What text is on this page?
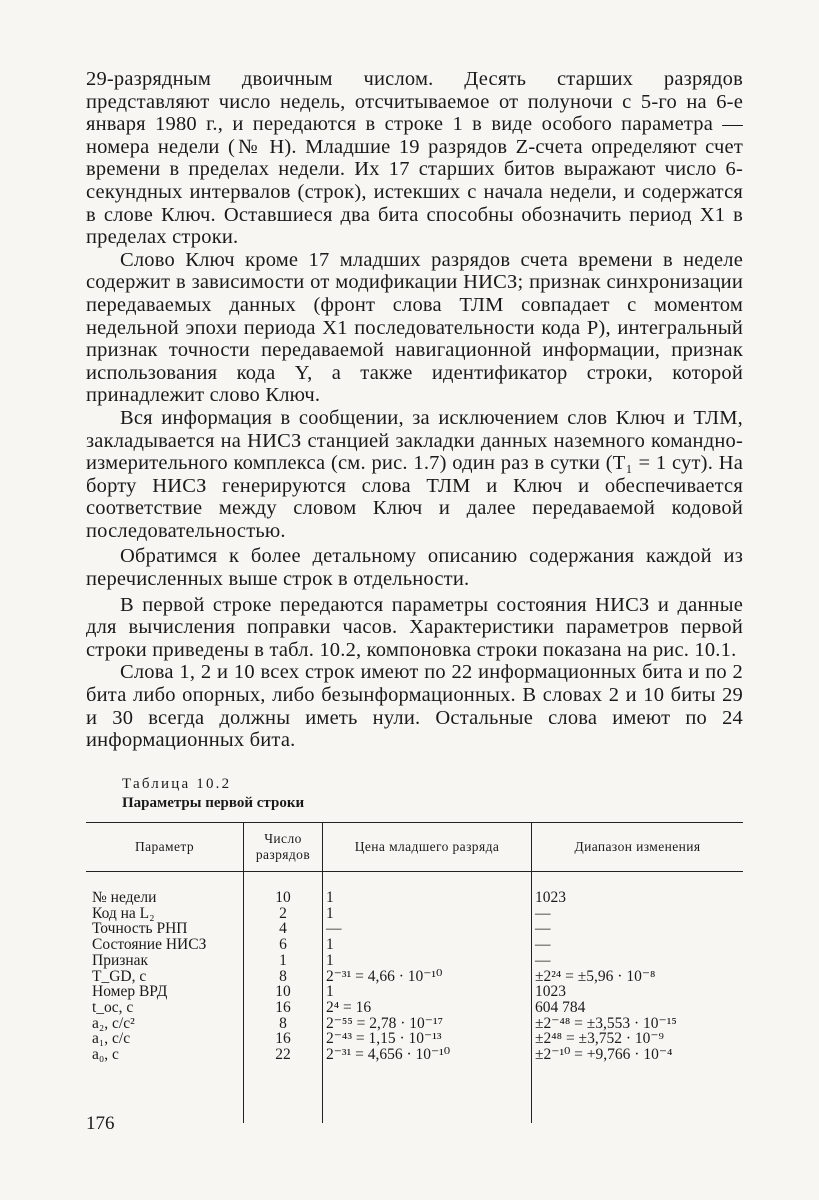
29-разрядным двоичным числом. Десять старших разрядов представляют число недель, отсчитываемое от полуночи с 5-го на 6-е января 1980 г., и передаются в строке 1 в виде особого параметра — номера недели (№ Н). Младшие 19 разрядов Z-счета определяют счет времени в пределах недели. Их 17 старших битов выражают число 6-секундных интервалов (строк), истекших с начала недели, и содержатся в слове Ключ. Оставшиеся два бита способны обозначить период X1 в пределах строки.

Слово Ключ кроме 17 младших разрядов счета времени в неделе содержит в зависимости от модификации НИСЗ; признак синхронизации передаваемых данных (фронт слова ТЛМ совпадает с моментом недельной эпохи периода X1 последовательности кода P), интегральный признак точности передаваемой навигационной информации, признак использования кода Y, а также идентификатор строки, которой принадлежит слово Ключ.

Вся информация в сообщении, за исключением слов Ключ и ТЛМ, закладывается на НИСЗ станцией закладки данных наземного командно-измерительного комплекса (см. рис. 1.7) один раз в сутки (T₁ = 1 сут). На борту НИСЗ генерируются слова ТЛМ и Ключ и обеспечивается соответствие между словом Ключ и далее передаваемой кодовой последовательностью.

Обратимся к более детальному описанию содержания каждой из перечисленных выше строк в отдельности.

В первой строке передаются параметры состояния НИСЗ и данные для вычисления поправки часов. Характеристики параметров первой строки приведены в табл. 10.2, компоновка строки показана на рис. 10.1.

Слова 1, 2 и 10 всех строк имеют по 22 информационных бита и по 2 бита либо опорных, либо безынформационных. В словах 2 и 10 биты 29 и 30 всегда должны иметь нули. Остальные слова имеют по 24 информационных бита.

Таблица 10.2
Параметры первой строки
Параметр	Число разрядов	Цена младшего разряда	Диапазон изменения
№ недели	10	1	1023
Код на L₂	2	1	—
Точность РНП	4	—	—
Состояние НИСЗ	6	1	—
Признак	1	1	—
T_GD, c	8	2⁻³¹ = 4,66 · 10⁻¹⁰	±2²⁴ = ±5,96 · 10⁻⁸
Номер ВРД	10	1	1023
t_oc, c	16	2⁴ = 16	604 784
a₂, c/c²	8	2⁻⁵⁵ = 2,78 · 10⁻¹⁷	±2⁻⁴⁸ = ±3,553 · 10⁻¹⁵
a₁, c/c	16	2⁻⁴³ = 1,15 · 10⁻¹³	±2⁴⁸ = ±3,752 · 10⁻⁹
a₀, c	22	2⁻³¹ = 4,656 · 10⁻¹⁰	±2⁻¹⁰ = +9,766 · 10⁻⁴
176
